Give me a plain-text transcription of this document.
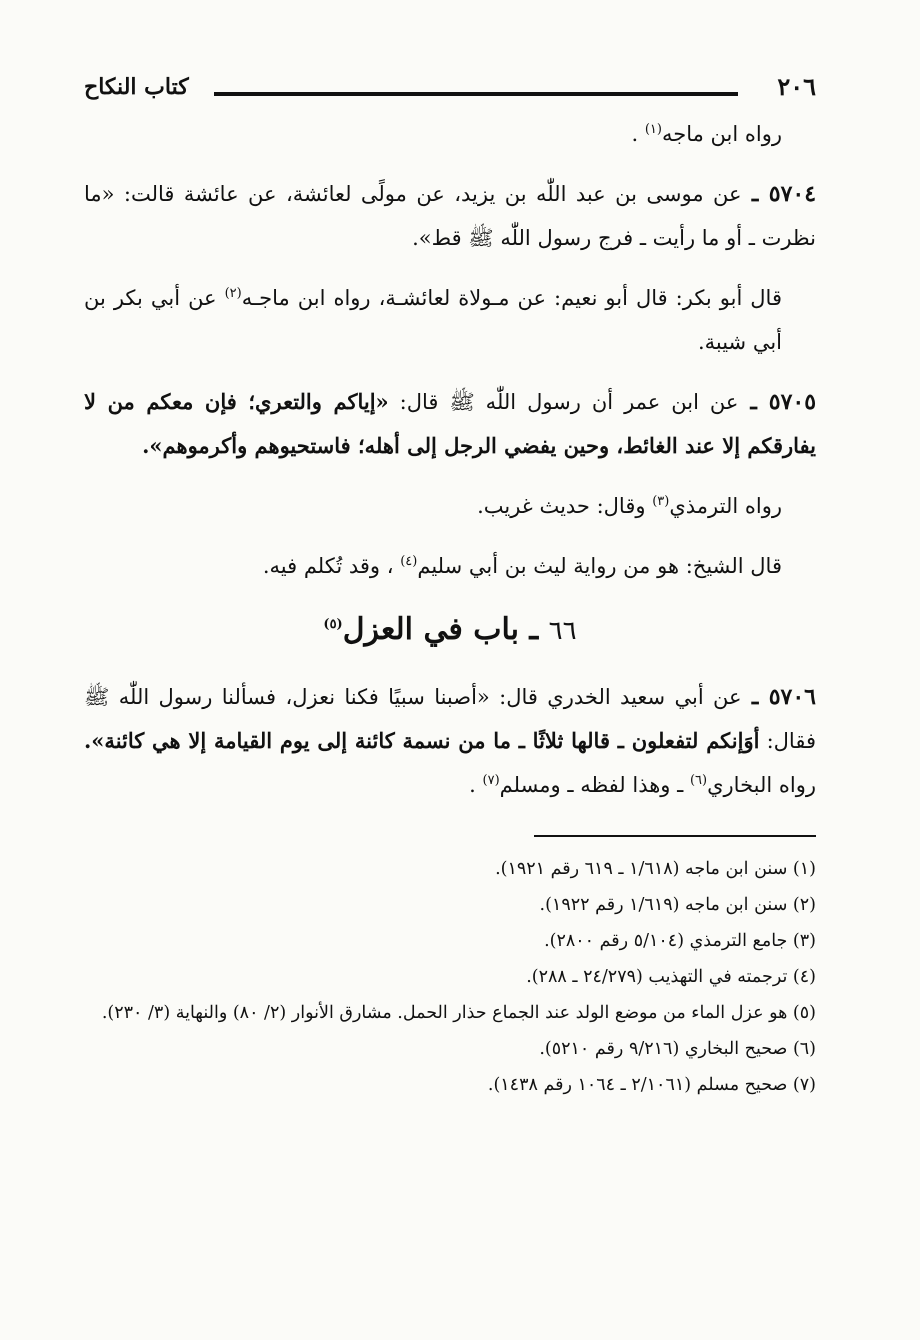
٢٠٦
كتاب النكاح

رواه ابن ماجه$^{(١)}$ .

٥٧٠٤ ـ عن موسى بن عبد اللّٰه بن يزيد، عن مولًى لعائشة، عن عائشة قالت: «ما نظرت ـ أو ما رأيت ـ فرج رسول اللّٰه ﷺ قط».

قال أبو بكر: قال أبو نعيم: عن مـولاة لعائشـة، رواه ابن ماجـه$^{(٢)}$ عن أبي بكر بن أبي شيبة.

٥٧٠٥ ـ عن ابن عمر أن رسول اللّٰه ﷺ قال: «إياكم والتعري؛ فإن معكم من لا يفارقكم إلا عند الغائط، وحين يفضي الرجل إلى أهله؛ فاستحيوهم وأكرموهم».

رواه الترمذي$^{(٣)}$ وقال: حديث غريب.

قال الشيخ: هو من رواية ليث بن أبي سليم$^{(٤)}$ ، وقد تُكلم فيه.

٦٦ ـ باب في العزل$^{(٥)}$

٥٧٠٦ ـ عن أبي سعيد الخدري قال: «أصبنا سبيًا فكنا نعزل، فسألنا رسول اللّٰه ﷺ فقال: أوَإنكم لتفعلون ـ قالها ثلاثًا ـ ما من نسمة كائنة إلى يوم القيامة إلا هي كائنة». رواه البخاري$^{(٦)}$ ـ وهذا لفظه ـ ومسلم$^{(٧)}$ .

(١) سنن ابن ماجه (١/٦١٨ ـ ٦١٩ رقم ١٩٢١).

(٢) سنن ابن ماجه (١/٦١٩ رقم ١٩٢٢).

(٣) جامع الترمذي (٥/١٠٤ رقم ٢٨٠٠).

(٤) ترجمته في التهذيب (٢٤/٢٧٩ ـ ٢٨٨).

(٥) هو عزل الماء من موضع الولد عند الجماع حذار الحمل. مشارق الأنوار (٢/ ٨٠) والنهاية (٣/ ٢٣٠).

(٦) صحيح البخاري (٩/٢١٦ رقم ٥٢١٠).

(٧) صحيح مسلم (٢/١٠٦١ ـ ١٠٦٤ رقم ١٤٣٨).
